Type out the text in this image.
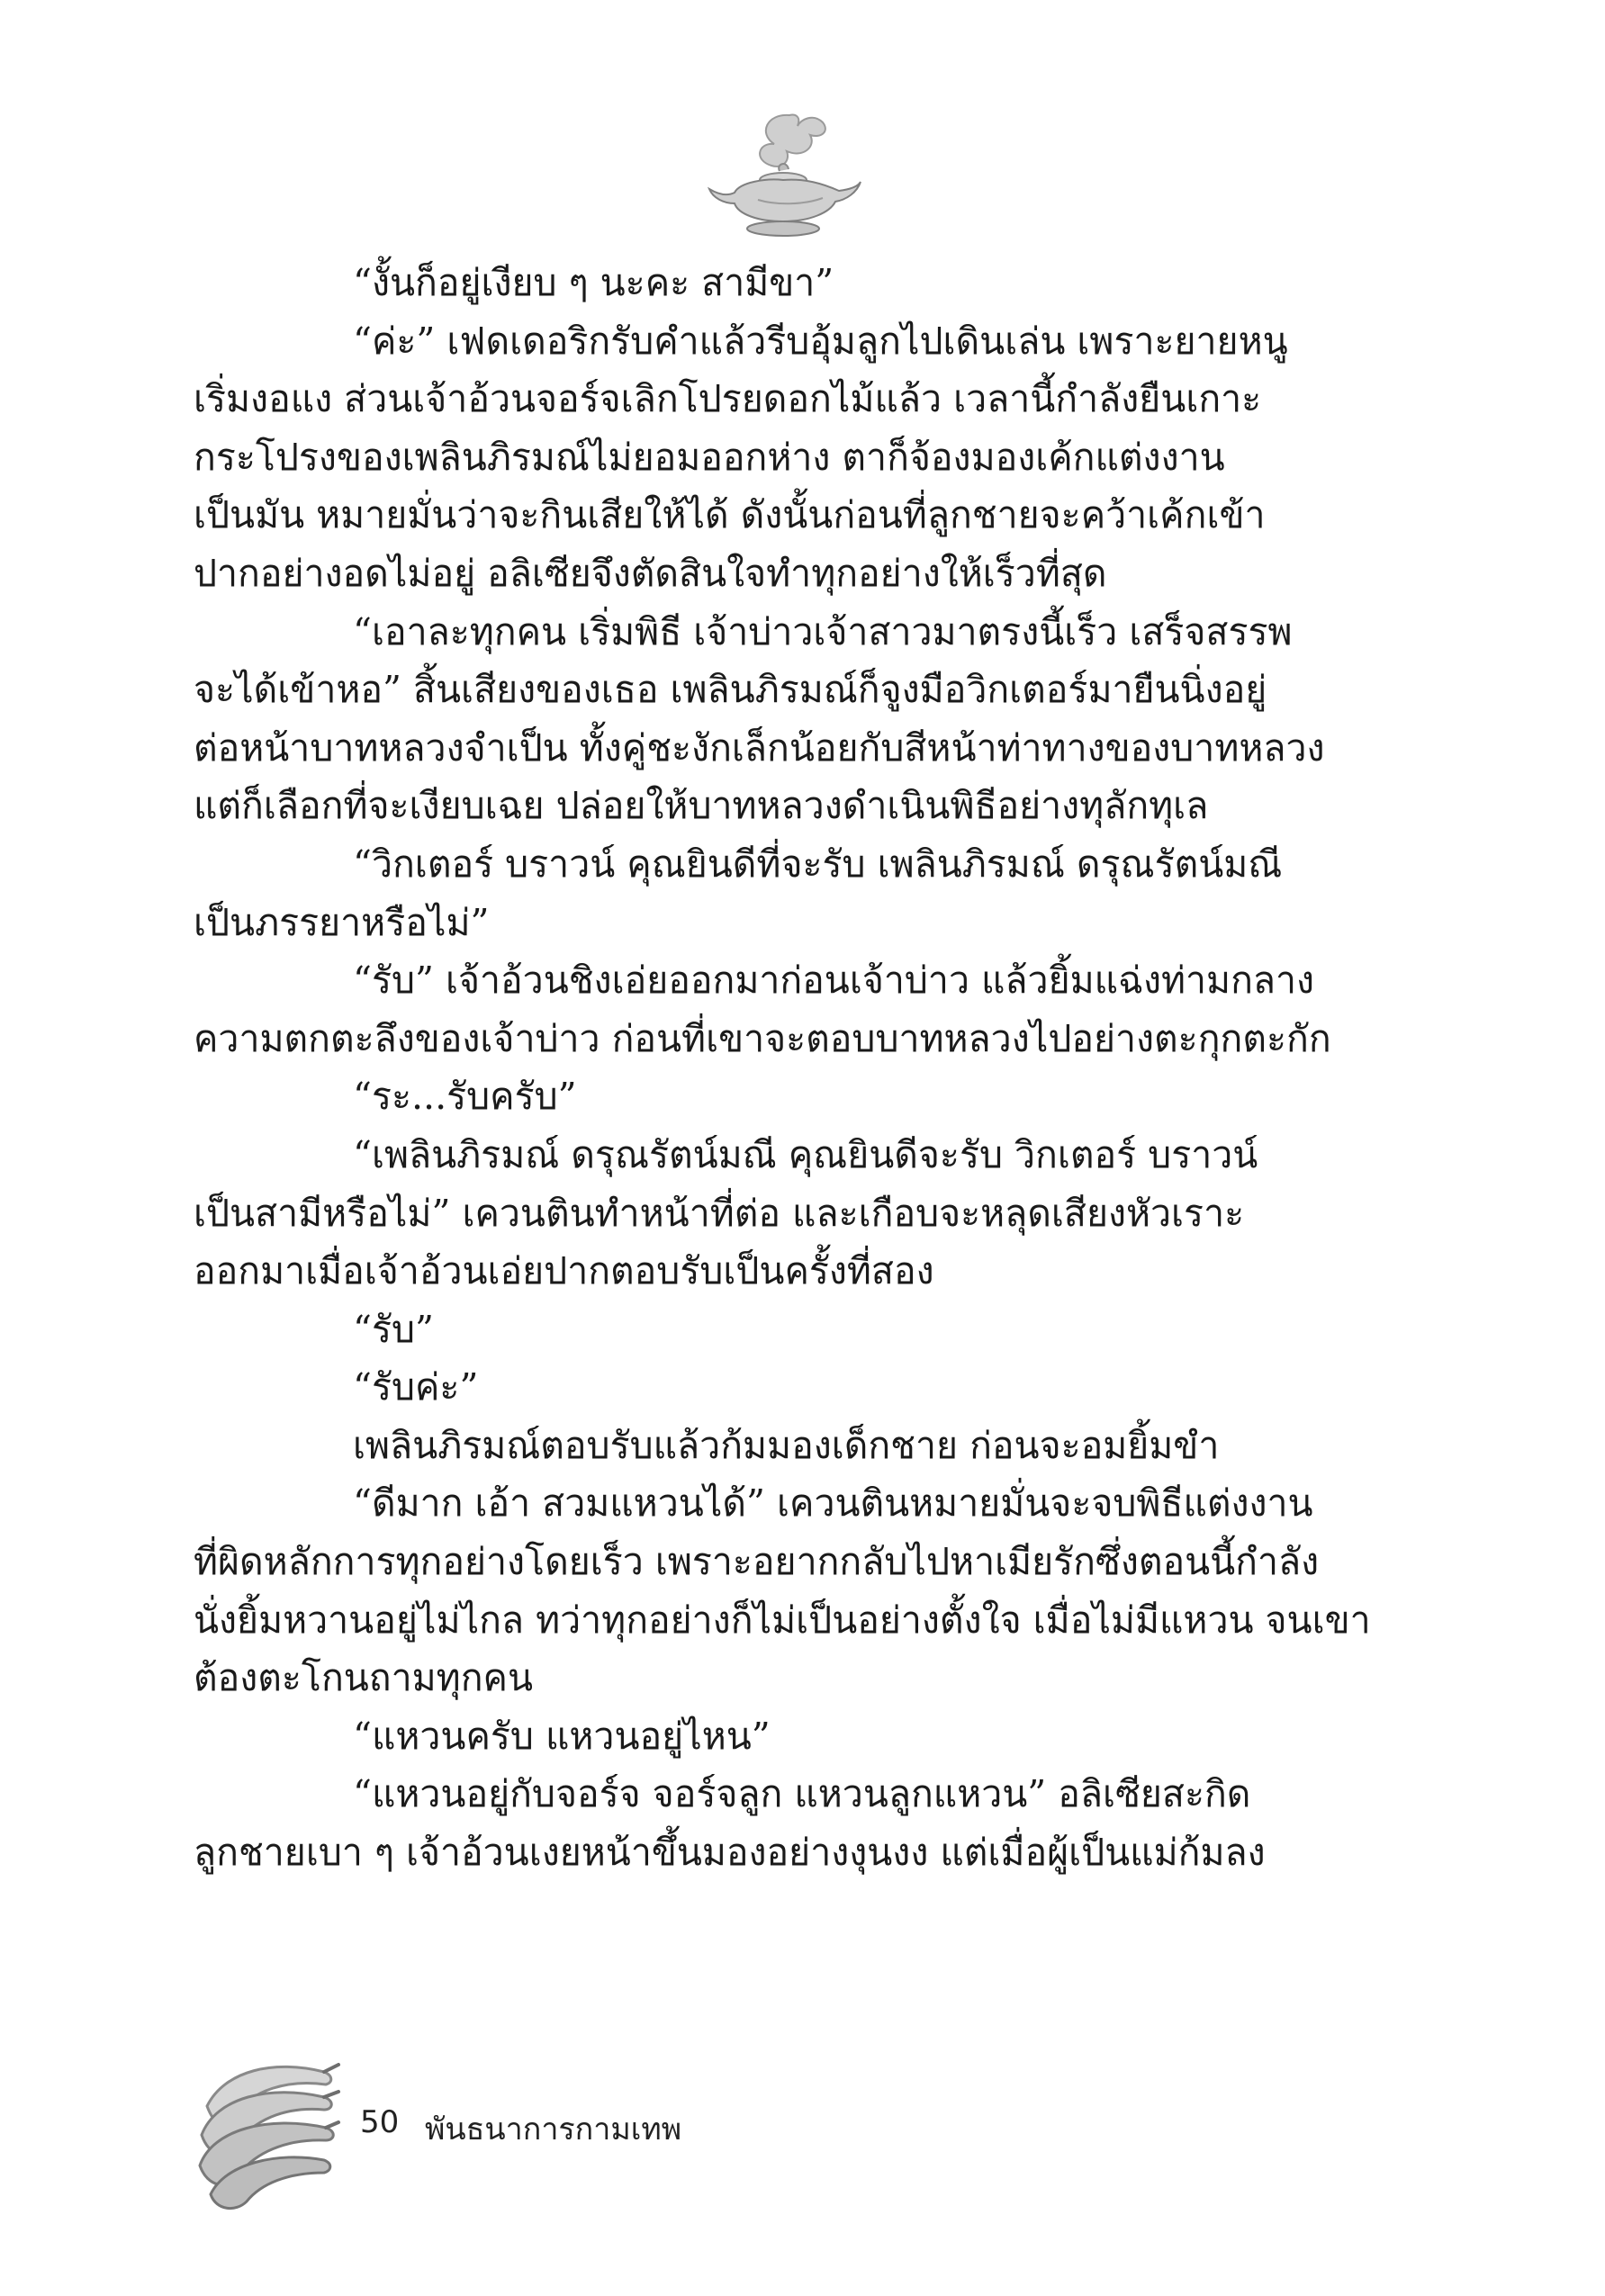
“งั้นก็อยู่เงียบ ๆ นะคะ สามีขา”
“ค่ะ” เฟดเดอริกรับคำแล้วรีบอุ้มลูกไปเดินเล่น เพราะยายหนู
เริ่มงอแง ส่วนเจ้าอ้วนจอร์จเลิกโปรยดอกไม้แล้ว เวลานี้กำลังยืนเกาะ
กระโปรงของเพลินภิรมณ์ไม่ยอมออกห่าง ตาก็จ้องมองเค้กแต่งงาน
เป็นมัน หมายมั่นว่าจะกินเสียให้ได้ ดังนั้นก่อนที่ลูกชายจะคว้าเค้กเข้า
ปากอย่างอดไม่อยู่ อลิเซียจึงตัดสินใจทำทุกอย่างให้เร็วที่สุด
“เอาละทุกคน เริ่มพิธี เจ้าบ่าวเจ้าสาวมาตรงนี้เร็ว เสร็จสรรพ
จะได้เข้าหอ” สิ้นเสียงของเธอ เพลินภิรมณ์ก็จูงมือวิกเตอร์มายืนนิ่งอยู่
ต่อหน้าบาทหลวงจำเป็น ทั้งคู่ชะงักเล็กน้อยกับสีหน้าท่าทางของบาทหลวง
แต่ก็เลือกที่จะเงียบเฉย ปล่อยให้บาทหลวงดำเนินพิธีอย่างทุลักทุเล
“วิกเตอร์ บราวน์ คุณยินดีที่จะรับ เพลินภิรมณ์ ดรุณรัตน์มณี
เป็นภรรยาหรือไม่”
“รับ” เจ้าอ้วนชิงเอ่ยออกมาก่อนเจ้าบ่าว แล้วยิ้มแฉ่งท่ามกลาง
ความตกตะลึงของเจ้าบ่าว ก่อนที่เขาจะตอบบาทหลวงไปอย่างตะกุกตะกัก
“ระ...รับครับ”
“เพลินภิรมณ์ ดรุณรัตน์มณี คุณยินดีจะรับ วิกเตอร์ บราวน์
เป็นสามีหรือไม่” เควนตินทำหน้าที่ต่อ และเกือบจะหลุดเสียงหัวเราะ
ออกมาเมื่อเจ้าอ้วนเอ่ยปากตอบรับเป็นครั้งที่สอง
“รับ”
“รับค่ะ”
เพลินภิรมณ์ตอบรับแล้วก้มมองเด็กชาย ก่อนจะอมยิ้มขำ
“ดีมาก เอ้า สวมแหวนได้” เควนตินหมายมั่นจะจบพิธีแต่งงาน
ที่ผิดหลักการทุกอย่างโดยเร็ว เพราะอยากกลับไปหาเมียรักซึ่งตอนนี้กำลัง
นั่งยิ้มหวานอยู่ไม่ไกล ทว่าทุกอย่างก็ไม่เป็นอย่างตั้งใจ เมื่อไม่มีแหวน จนเขา
ต้องตะโกนถามทุกคน
“แหวนครับ แหวนอยู่ไหน”
“แหวนอยู่กับจอร์จ จอร์จลูก แหวนลูกแหวน” อลิเซียสะกิด
ลูกชายเบา ๆ เจ้าอ้วนเงยหน้าขึ้นมองอย่างงุนงง แต่เมื่อผู้เป็นแม่ก้มลง
50 พันธนาการกามเทพ
